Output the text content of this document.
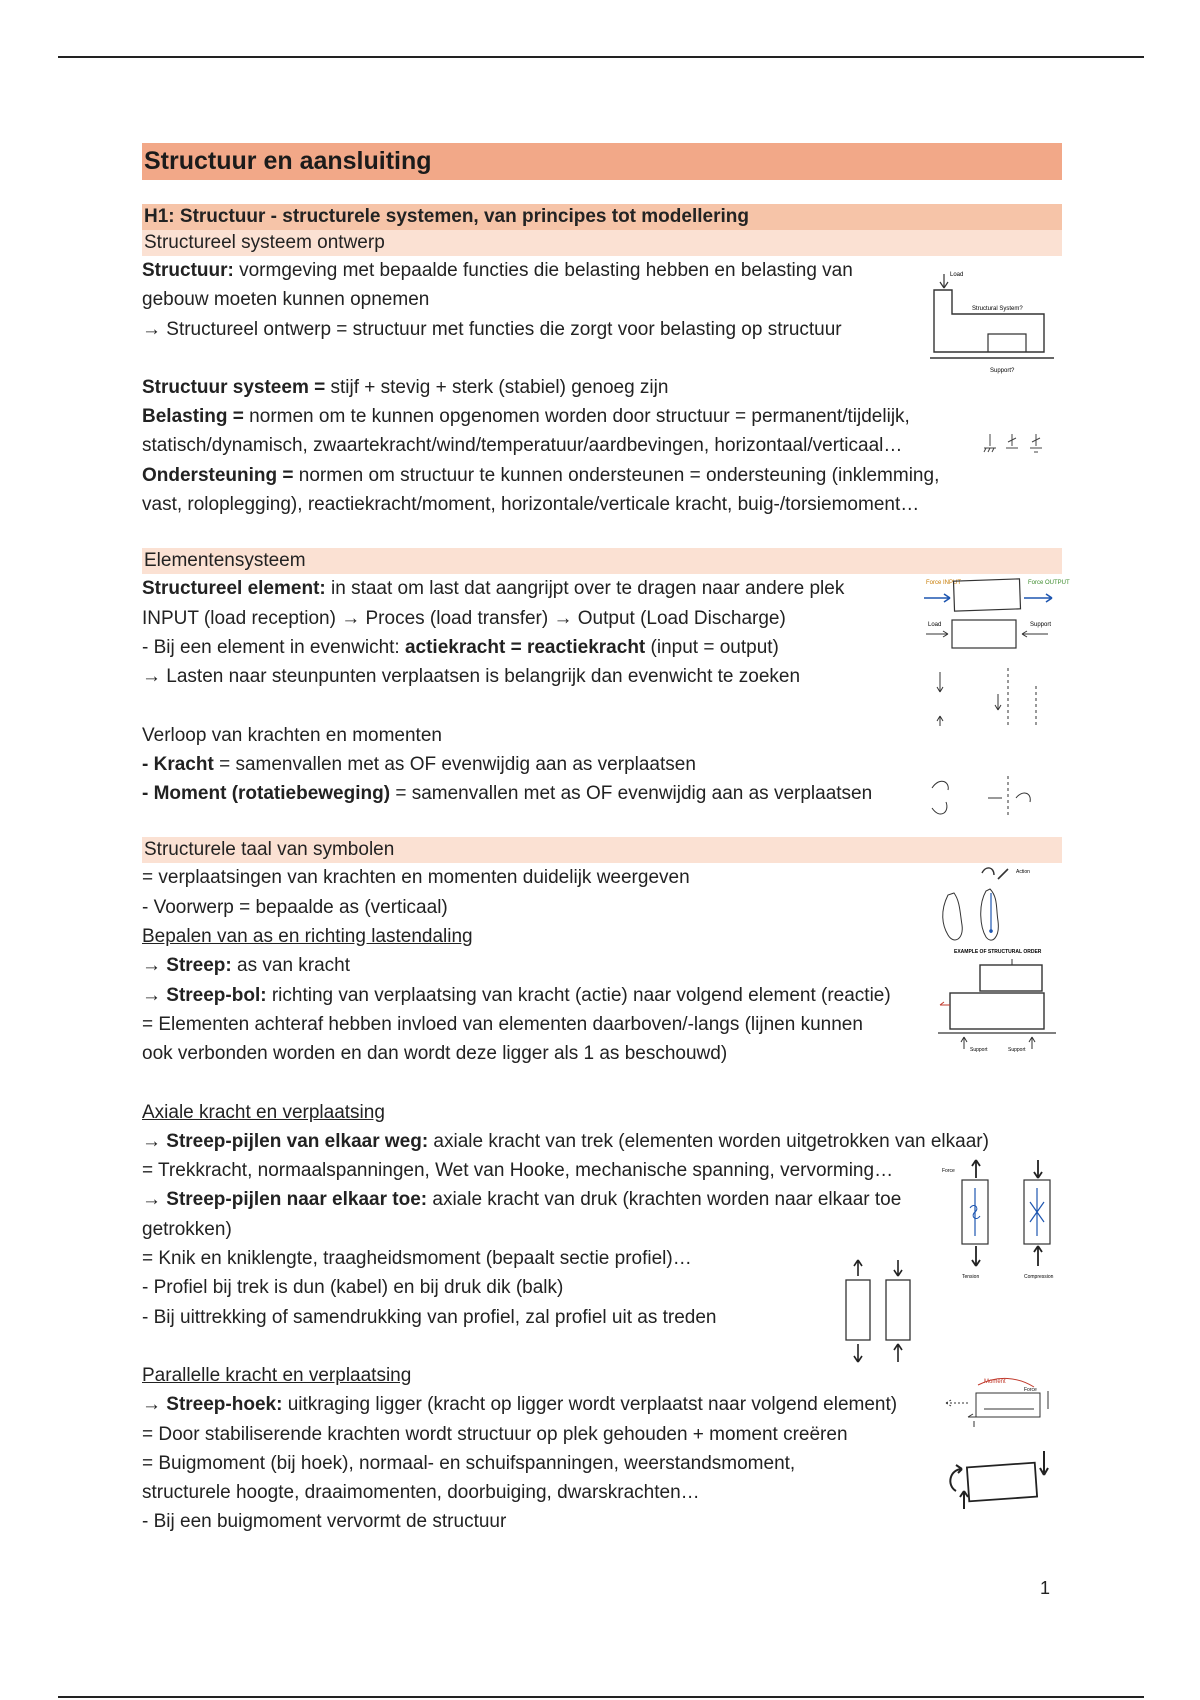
Structuur en aansluiting
H1: Structuur - structurele systemen, van principes tot modellering
Structureel systeem ontwerp
Structuur: vormgeving met bepaalde functies die belasting hebben en belasting van
gebouw moeten kunnen opnemen
→ Structureel ontwerp = structuur met functies die zorgt voor belasting op structuur
Structuur systeem = stijf + stevig + sterk (stabiel) genoeg zijn
Belasting = normen om te kunnen opgenomen worden door structuur = permanent/tijdelijk,
statisch/dynamisch, zwaartekracht/wind/temperatuur/aardbevingen, horizontaal/verticaal…
Ondersteuning = normen om structuur te kunnen ondersteunen = ondersteuning (inklemming,
vast, roloplegging), reactiekracht/moment, horizontale/verticale kracht, buig-/torsiemoment…
Load
Structural System?
Support?
Elementensysteem
Structureel element: in staat om last dat aangrijpt over te dragen naar andere plek
INPUT (load reception) → Proces (load transfer) → Output (Load Discharge)
- Bij een element in evenwicht: actiekracht = reactiekracht (input = output)
→ Lasten naar steunpunten verplaatsen is belangrijk dan evenwicht te zoeken
Verloop van krachten en momenten
- Kracht = samenvallen met as OF evenwijdig aan as verplaatsen
- Moment (rotatiebeweging) = samenvallen met as OF evenwijdig aan as verplaatsen
Force INPUT	Force OUTPUT
Load	Support
Structurele taal van symbolen
= verplaatsingen van krachten en momenten duidelijk weergeven
- Voorwerp = bepaalde as (verticaal)
Bepalen van as en richting lastendaling
→ Streep: as van kracht
→ Streep-bol: richting van verplaatsing van kracht (actie) naar volgend element (reactie)
= Elementen achteraf hebben invloed van elementen daarboven/-langs (lijnen kunnen
ook verbonden worden en dan wordt deze ligger als 1 as beschouwd)
Action
EXAMPLE OF STRUCTURAL ORDER
Support	Support
Axiale kracht en verplaatsing
→ Streep-pijlen van elkaar weg: axiale kracht van trek (elementen worden uitgetrokken van elkaar)
= Trekkracht, normaalspanningen, Wet van Hooke, mechanische spanning, vervorming…
→ Streep-pijlen naar elkaar toe: axiale kracht van druk (krachten worden naar elkaar toe
getrokken)
= Knik en kniklengte, traagheidsmoment (bepaalt sectie profiel)…
- Profiel bij trek is dun (kabel) en bij druk dik (balk)
- Bij uittrekking of samendrukking van profiel, zal profiel uit as treden
Force
Tension	Compression
Parallelle kracht en verplaatsing
→ Streep-hoek: uitkraging ligger (kracht op ligger wordt verplaatst naar volgend element)
= Door stabiliserende krachten wordt structuur op plek gehouden + moment creëren
= Buigmoment (bij hoek), normaal- en schuifspanningen, weerstandsmoment,
structurele hoogte, draaimomenten, doorbuiging, dwarskrachten…
- Bij een buigmoment vervormt de structuur
Moment
Force
1
